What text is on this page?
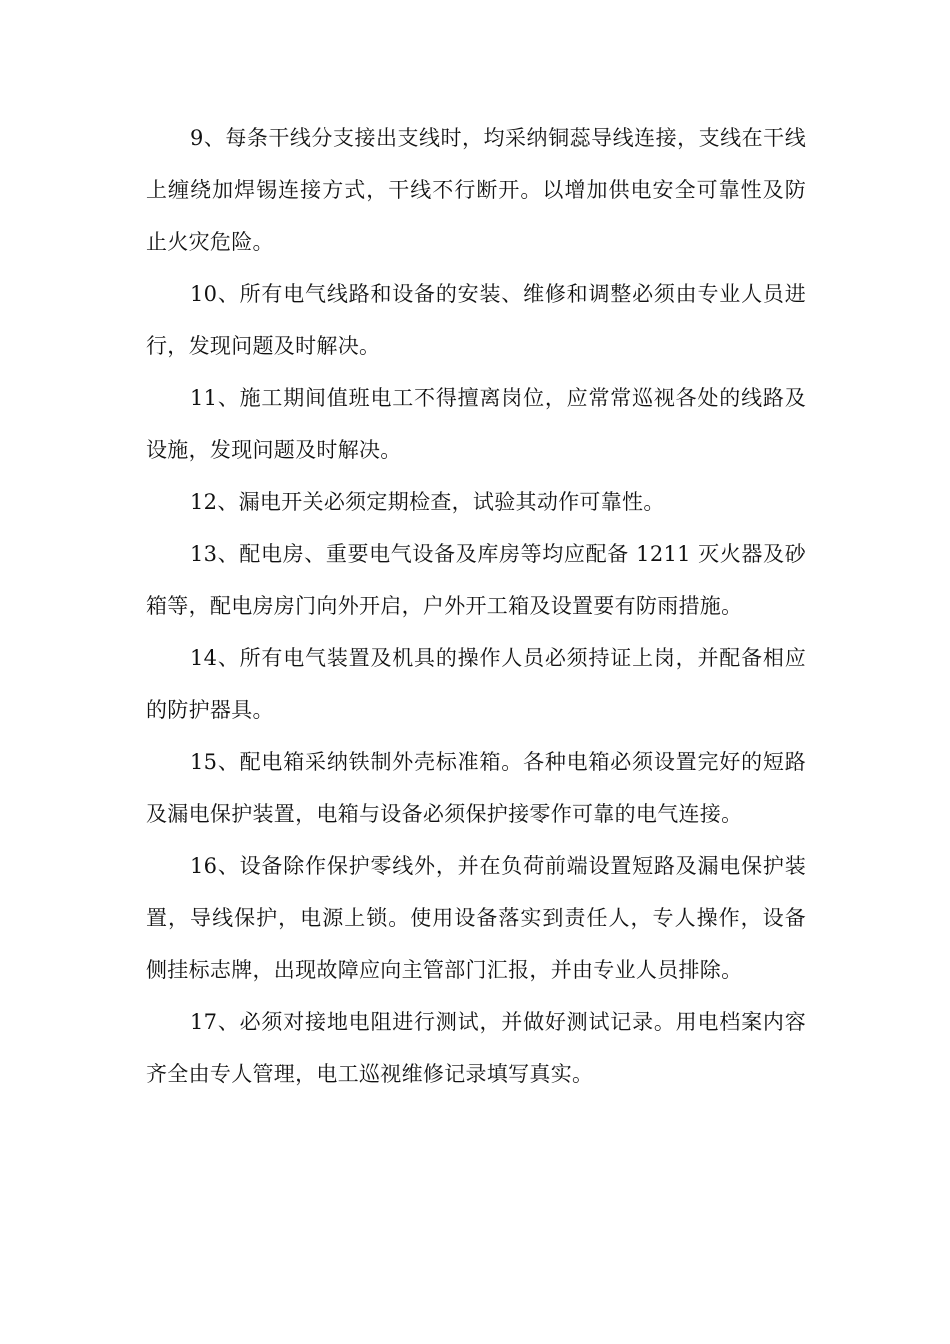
9、每条干线分支接出支线时，均采纳铜蕊导线连接，支线在干线上缠绕加焊锡连接方式，干线不行断开。以增加供电安全可靠性及防止火灾危险。

10、所有电气线路和设备的安装、维修和调整必须由专业人员进行，发现问题及时解决。

11、施工期间值班电工不得擅离岗位，应常常巡视各处的线路及设施，发现问题及时解决。

12、漏电开关必须定期检查，试验其动作可靠性。

13、配电房、重要电气设备及库房等均应配备 1211 灭火器及砂箱等，配电房房门向外开启，户外开工箱及设置要有防雨措施。

14、所有电气装置及机具的操作人员必须持证上岗，并配备相应的防护器具。

15、配电箱采纳铁制外壳标准箱。各种电箱必须设置完好的短路及漏电保护装置，电箱与设备必须保护接零作可靠的电气连接。

16、设备除作保护零线外，并在负荷前端设置短路及漏电保护装置，导线保护，电源上锁。使用设备落实到责任人，专人操作，设备侧挂标志牌，出现故障应向主管部门汇报，并由专业人员排除。

17、必须对接地电阻进行测试，并做好测试记录。用电档案内容齐全由专人管理，电工巡视维修记录填写真实。
